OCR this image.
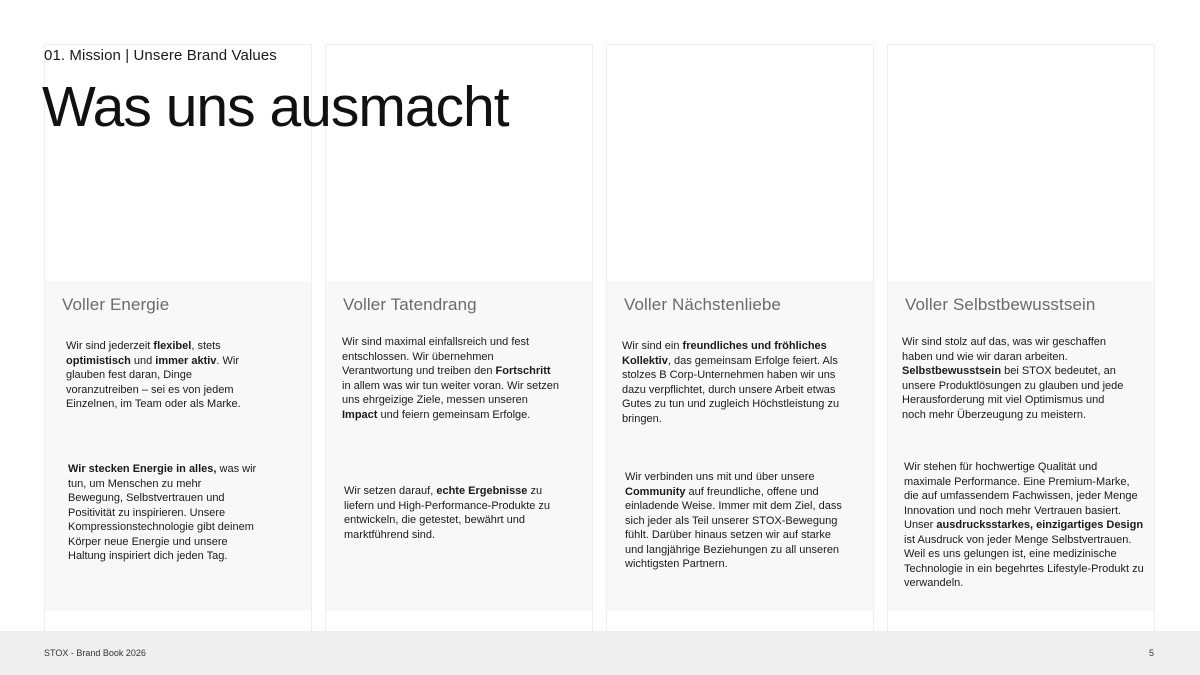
Voller Energie
Wir sind jederzeit flexibel, stets optimistisch und immer aktiv. Wir glauben fest daran, Dinge voranzutreiben – sei es von jedem Einzelnen, im Team oder als Marke.
Wir stecken Energie in alles, was wir tun, um Menschen zu mehr Bewegung, Selbstvertrauen und Positivität zu inspirieren. Unsere Kompressionstechnologie gibt deinem Körper neue Energie und unsere Haltung inspiriert dich jeden Tag.
Voller Tatendrang
Wir sind maximal einfallsreich und fest entschlossen. Wir übernehmen Verantwortung und treiben den Fortschritt in allem was wir tun weiter voran. Wir setzen uns ehrgeizige Ziele, messen unseren Impact und feiern gemeinsam Erfolge.
Wir setzen darauf, echte Ergebnisse zu liefern und High-Performance-Produkte zu entwickeln, die getestet, bewährt und marktführend sind.
Voller Nächstenliebe
Wir sind ein freundliches und fröhliches Kollektiv, das gemeinsam Erfolge feiert. Als stolzes B Corp-Unternehmen haben wir uns dazu verpflichtet, durch unsere Arbeit etwas Gutes zu tun und zugleich Höchstleistung zu bringen.
Wir verbinden uns mit und über unsere Community auf freundliche, offene und einladende Weise. Immer mit dem Ziel, dass sich jeder als Teil unserer STOX-Bewegung fühlt. Darüber hinaus setzen wir auf starke und langjährige Beziehungen zu all unseren wichtigsten Partnern.
Voller Selbstbewusstsein
Wir sind stolz auf das, was wir geschaffen haben und wie wir daran arbeiten. Selbstbewusstsein bei STOX bedeutet, an unsere Produktlösungen zu glauben und jede Herausforderung mit viel Optimismus und noch mehr Überzeugung zu meistern.
Wir stehen für hochwertige Qualität und maximale Performance. Eine Premium-Marke, die auf umfassendem Fachwissen, jeder Menge Innovation und noch mehr Vertrauen basiert. Unser ausdrucksstarkes, einzigartiges Design ist Ausdruck von jeder Menge Selbstvertrauen. Weil es uns gelungen ist, eine medizinische Technologie in ein begehrtes Lifestyle-Produkt zu verwandeln.
01. Mission | Unsere Brand Values
Was uns ausmacht
STOX - Brand Book 2026	5
